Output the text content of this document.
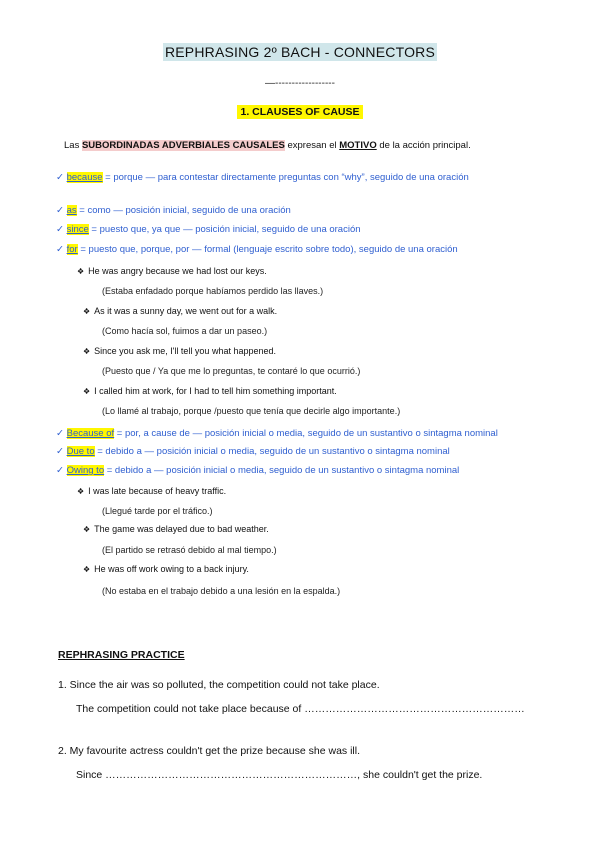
REPHRASING 2º BACH - CONNECTORS
—------------------
1. CLAUSES OF CAUSE
Las SUBORDINADAS ADVERBIALES CAUSALES expresan el MOTIVO de la acción principal.
✓ because = porque — para contestar directamente preguntas con “why”, seguido de una oración
✓ as = como — posición inicial, seguido de una oración
✓ since = puesto que, ya que — posición inicial, seguido de una oración
✓ for = puesto que, porque, por — formal (lenguaje escrito sobre todo), seguido de una oración
❖ He was angry because we had lost our keys.
(Estaba enfadado porque habíamos perdido las llaves.)
❖ As it was a sunny day, we went out for a walk.
(Como hacía sol, fuimos a dar un paseo.)
❖ Since you ask me, I'll tell you what happened.
(Puesto que / Ya que me lo preguntas, te contaré lo que ocurrió.)
❖ I called him at work, for I had to tell him something important.
(Lo llamé al trabajo, porque /puesto que tenía que decirle algo importante.)
✓ Because of = por, a cause de — posición inicial o media, seguido de un sustantivo o sintagma nominal
✓ Due to = debido a — posición inicial o media, seguido de un sustantivo o sintagma nominal
✓ Owing to = debido a — posición inicial o media, seguido de un sustantivo o sintagma nominal
❖ I was late because of heavy traffic.
(Llegué tarde por el tráfico.)
❖ The game was delayed due to bad weather.
(El partido se retrasó debido al mal tiempo.)
❖ He was off work owing to a back injury.
(No estaba en el trabajo debido a una lesión en la espalda.)
REPHRASING PRACTICE
1. Since the air was so polluted, the competition could not take place.
The competition could not take place because of ………………………………………………………
2. My favourite actress couldn't get the prize because she was ill.
Since ………………………………………………………………, she couldn't get the prize.
